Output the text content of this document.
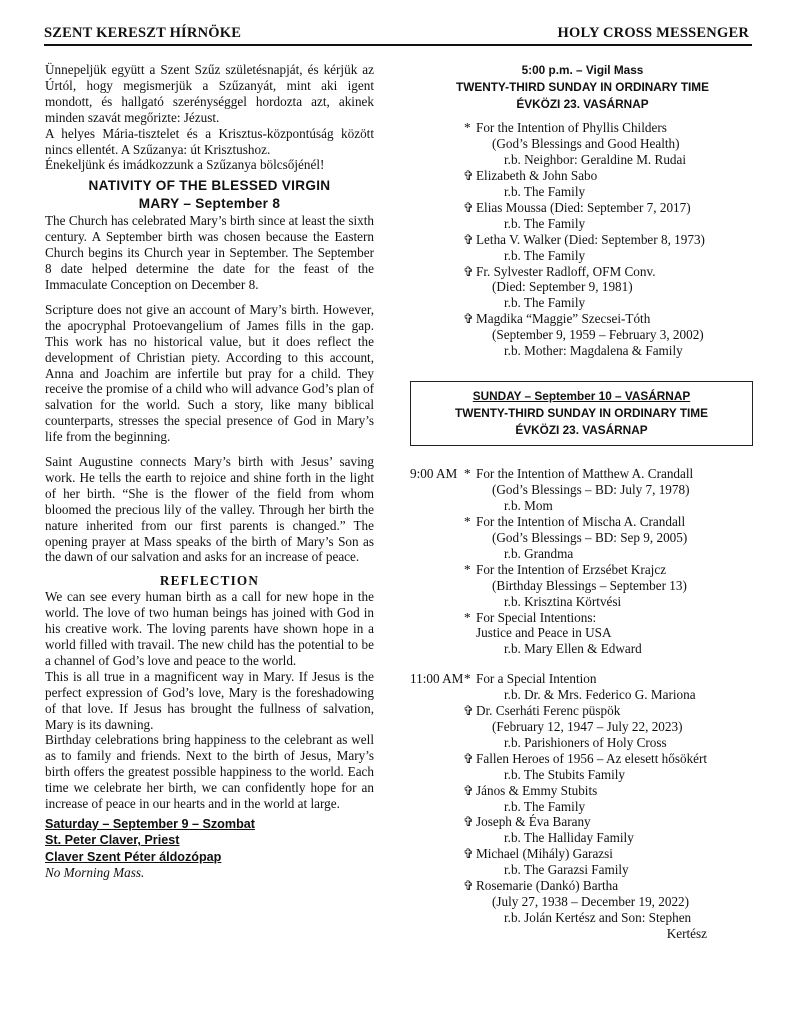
SZENT KERESZT HÍRNÖKE	HOLY CROSS MESSENGER

Ünnepeljük együtt a Szent Szűz születésnapját, és kérjük az Úrtól, hogy megismerjük a Szűzanyát, mint aki igent mondott, és hallgató szerénységgel hordozta azt, akinek minden szavát megőrizte: Jézust.

A helyes Mária-tisztelet és a Krisztus-központúság között nincs ellentét. A Szűzanya: út Krisztushoz.

Énekeljünk és imádkozzunk a Szűzanya bölcsőjénél!

NATIVITY OF THE BLESSED VIRGIN
MARY – September 8

The Church has celebrated Mary’s birth since at least the sixth century. A September birth was chosen because the Eastern Church begins its Church year in September. The September 8 date helped determine the date for the feast of the Immaculate Conception on December 8.

Scripture does not give an account of Mary’s birth. However, the apocryphal Protoevangelium of James fills in the gap. This work has no historical value, but it does reflect the development of Christian piety. According to this account, Anna and Joachim are infertile but pray for a child. They receive the promise of a child who will advance God’s plan of salvation for the world. Such a story, like many biblical counterparts, stresses the special presence of God in Mary’s life from the beginning.

Saint Augustine connects Mary’s birth with Jesus’ saving work. He tells the earth to rejoice and shine forth in the light of her birth. “She is the flower of the field from whom bloomed the precious lily of the valley. Through her birth the nature inherited from our first parents is changed.” The opening prayer at Mass speaks of the birth of Mary’s Son as the dawn of our salvation and asks for an increase of peace.

REFLECTION

We can see every human birth as a call for new hope in the world. The love of two human beings has joined with God in his creative work. The loving parents have shown hope in a world filled with travail. The new child has the potential to be a channel of God’s love and peace to the world.

This is all true in a magnificent way in Mary. If Jesus is the perfect expression of God’s love, Mary is the foreshadowing of that love. If Jesus has brought the fullness of salvation, Mary is its dawning.

Birthday celebrations bring happiness to the celebrant as well as to family and friends. Next to the birth of Jesus, Mary’s birth offers the greatest possible happiness to the world. Each time we celebrate her birth, we can confidently hope for an increase of peace in our hearts and in the world at large.

Saturday – September 9 – Szombat
St. Peter Claver, Priest
Claver Szent Péter áldozópap
No Morning Mass.
5:00 p.m. – Vigil Mass
TWENTY-THIRD SUNDAY IN ORDINARY TIME
ÉVKÖZI 23. VASÁRNAP
* For the Intention of Phyllis Childers
(God’s Blessings and Good Health)
r.b. Neighbor: Geraldine M. Rudai
✞ Elizabeth & John Sabo
r.b. The Family
✞ Elias Moussa (Died: September 7, 2017)
r.b. The Family
✞ Letha V. Walker (Died: September 8, 1973)
r.b. The Family
✞ Fr. Sylvester Radloff, OFM Conv.
(Died: September 9, 1981)
r.b. The Family
✞ Magdika “Maggie” Szecsei-Tóth
(September 9, 1959 – February 3, 2002)
r.b. Mother: Magdalena & Family
SUNDAY – September 10 – VASÁRNAP
TWENTY-THIRD SUNDAY IN ORDINARY TIME
ÉVKÖZI 23. VASÁRNAP
9:00 AM * For the Intention of Matthew A. Crandall
(God’s Blessings – BD: July 7, 1978)
r.b. Mom
* For the Intention of Mischa A. Crandall
(God’s Blessings – BD: Sep 9, 2005)
r.b. Grandma
* For the Intention of Erzsébet Krajcz
(Birthday Blessings – September 13)
r.b. Krisztina Körtvési
* For Special Intentions:
Justice and Peace in USA
r.b. Mary Ellen & Edward
11:00 AM * For a Special Intention
r.b. Dr. & Mrs. Federico G. Mariona
✞ Dr. Cserháti Ferenc püspök
(February 12, 1947 – July 22, 2023)
r.b. Parishioners of Holy Cross
✞ Fallen Heroes of 1956 – Az elesett hősökért
r.b. The Stubits Family
✞ János & Emmy Stubits
r.b. The Family
✞ Joseph & Éva Barany
r.b. The Halliday Family
✞ Michael (Mihály) Garazsi
r.b. The Garazsi Family
✞ Rosemarie (Dankó) Bartha
(July 27, 1938 – December 19, 2022)
r.b. Jolán Kertész and Son: Stephen
Kertész
